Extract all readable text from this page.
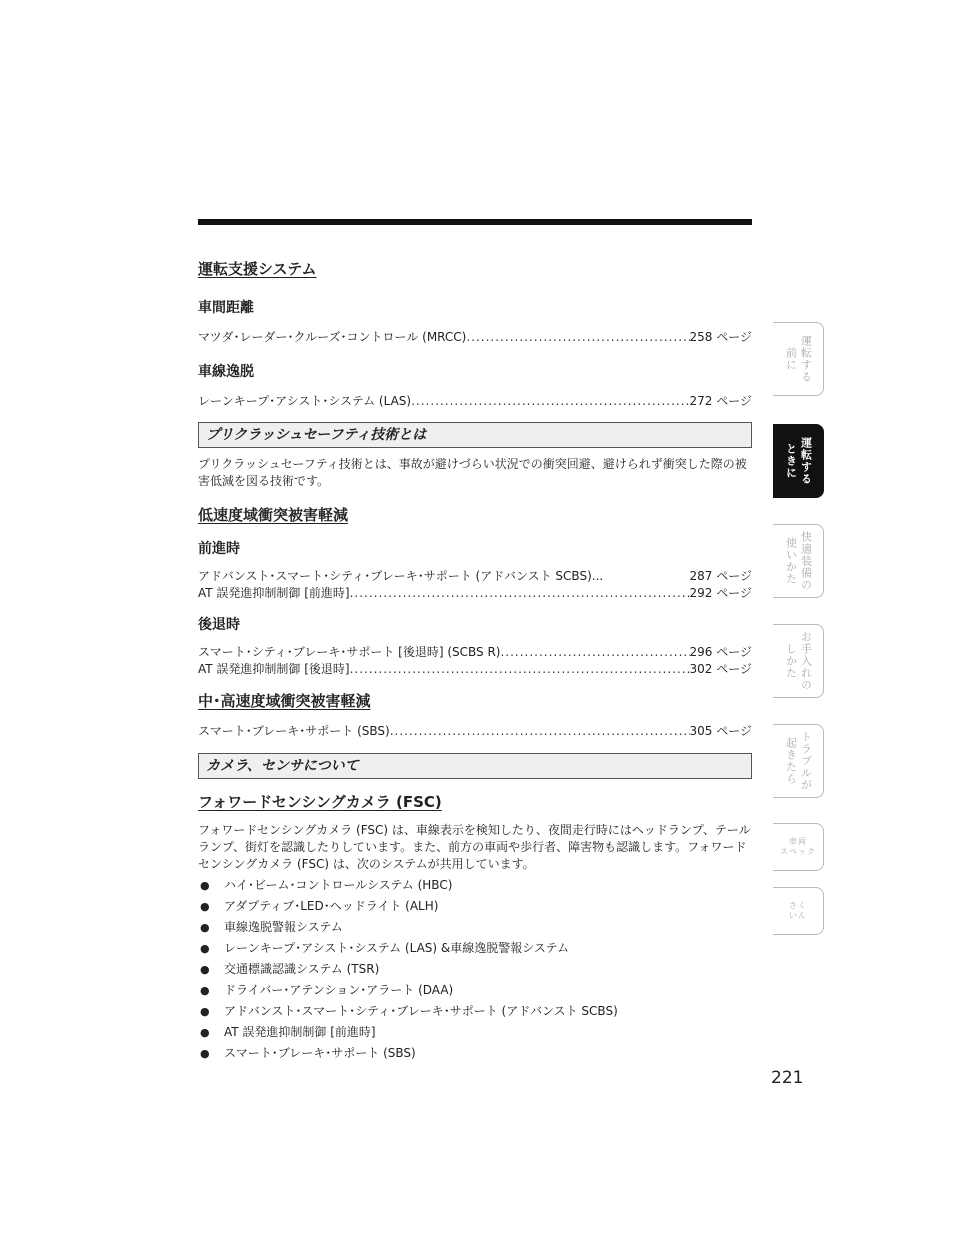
運転支援システム

車間距離

マツダ･レーダー･クルーズ･コントロール (MRCC) .....	258 ページ

車線逸脱

レーンキープ･アシスト･システム (LAS) .....	272 ページ
プリクラッシュセーフティ技術とは

プリクラッシュセーフティ技術とは、事故が避けづらい状況での衝突回避、避けられず衝突した際の被害低減を図る技術です。

低速度域衝突被害軽減

前進時

アドバンスト･スマート･シティ･ブレーキ･サポート (アドバンスト SCBS)...	287 ページ
AT 誤発進抑制制御 [前進時] .....	292 ページ

後退時

スマート･シティ･ブレーキ･サポート [後退時] (SCBS R) .....	296 ページ
AT 誤発進抑制制御 [後退時] .....	302 ページ

中･高速度域衝突被害軽減

スマート･ブレーキ･サポート (SBS) .....	305 ページ
カメラ、センサについて

フォワードセンシングカメラ (FSC)

フォワードセンシングカメラ (FSC) は、車線表示を検知したり、夜間走行時にはヘッドランプ、テールランプ、街灯を認識したりしています。また、前方の車両や歩行者、障害物も認識します。フォワードセンシングカメラ (FSC) は、次のシステムが共用しています。

●	ハイ･ビーム･コントロールシステム (HBC)
●	アダプティブ･LED･ヘッドライト (ALH)
●	車線逸脱警報システム
●	レーンキープ･アシスト･システム (LAS) &車線逸脱警報システム
●	交通標識認識システム (TSR)
●	ドライバー･アテンション･アラート (DAA)
●	アドバンスト･スマート･シティ･ブレーキ･サポート (アドバンスト SCBS)
●	AT 誤発進抑制制御 [前進時]
●	スマート･ブレーキ･サポート (SBS)
運転する
前に
運転する
ときに
快適装備の
使いかた
お手入れの
しかた
トラブルが
起きたら
車両
スペック
さく
いん
221
